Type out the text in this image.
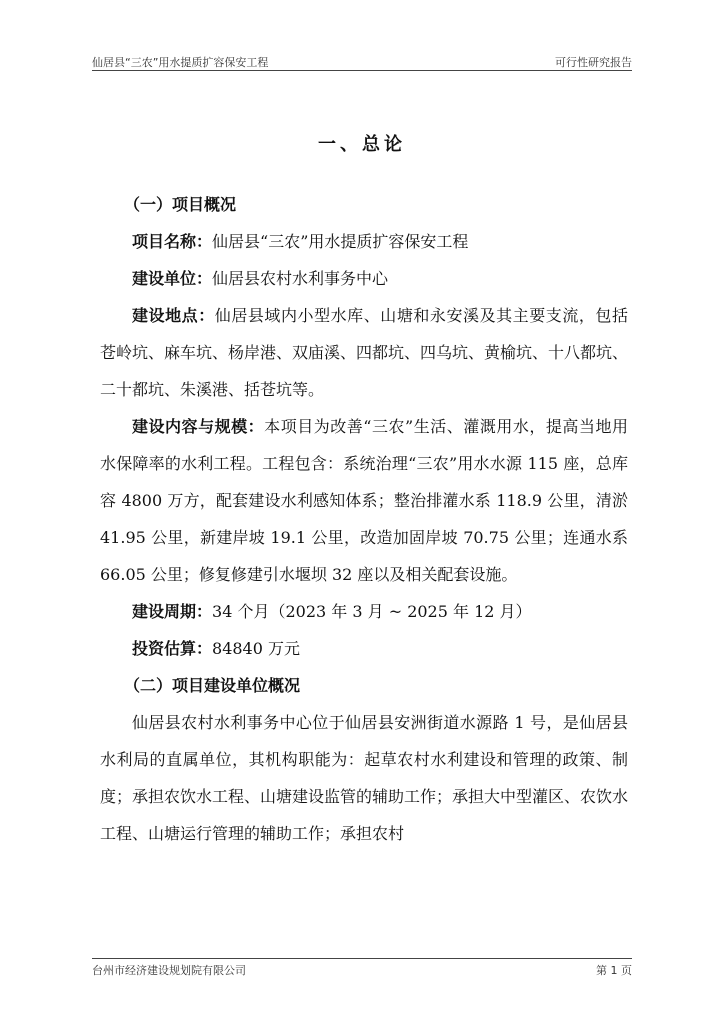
仙居县“三农”用水提质扩容保安工程	可行性研究报告
一、总论

（一）项目概况

项目名称：仙居县“三农”用水提质扩容保安工程

建设单位：仙居县农村水利事务中心

建设地点：仙居县域内小型水库、山塘和永安溪及其主要支流，包括苍岭坑、麻车坑、杨岸港、双庙溪、四都坑、四乌坑、黄榆坑、十八都坑、二十都坑、朱溪港、括苍坑等。

建设内容与规模：本项目为改善“三农”生活、灌溉用水，提高当地用水保障率的水利工程。工程包含：系统治理“三农”用水水源 115 座，总库容 4800 万方，配套建设水利感知体系；整治排灌水系 118.9 公里，清淤 41.95 公里，新建岸坡 19.1 公里，改造加固岸坡 70.75 公里；连通水系 66.05 公里；修复修建引水堰坝 32 座以及相关配套设施。

建设周期：34 个月（2023 年 3 月 ~ 2025 年 12 月）

投资估算：84840 万元

（二）项目建设单位概况

仙居县农村水利事务中心位于仙居县安洲街道水源路 1 号，是仙居县水利局的直属单位，其机构职能为：起草农村水利建设和管理的政策、制度；承担农饮水工程、山塘建设监管的辅助工作；承担大中型灌区、农饮水工程、山塘运行管理的辅助工作；承担农村

台州市经济建设规划院有限公司	第 1 页
